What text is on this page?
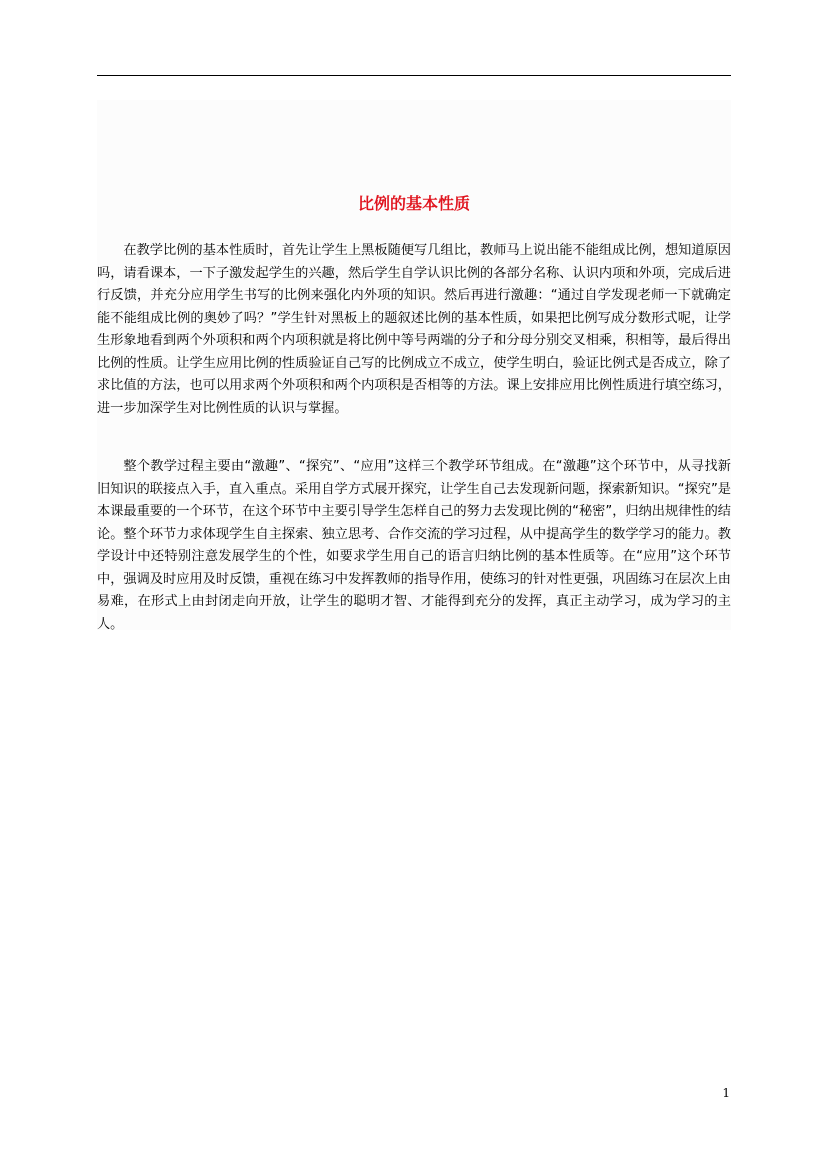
比例的基本性质

在教学比例的基本性质时，首先让学生上黑板随便写几组比，教师马上说出能不能组成比例，想知道原因吗，请看课本，一下子激发起学生的兴趣，然后学生自学认识比例的各部分名称、认识内项和外项，完成后进行反馈，并充分应用学生书写的比例来强化内外项的知识。然后再进行激趣：“通过自学发现老师一下就确定能不能组成比例的奥妙了吗？”学生针对黑板上的题叙述比例的基本性质，如果把比例写成分数形式呢，让学生形象地看到两个外项积和两个内项积就是将比例中等号两端的分子和分母分别交叉相乘，积相等，最后得出比例的性质。让学生应用比例的性质验证自己写的比例成立不成立，使学生明白，验证比例式是否成立，除了求比值的方法，也可以用求两个外项积和两个内项积是否相等的方法。课上安排应用比例性质进行填空练习，进一步加深学生对比例性质的认识与掌握。

整个教学过程主要由“激趣”、“探究”、“应用”这样三个教学环节组成。在“激趣”这个环节中，从寻找新旧知识的联接点入手，直入重点。采用自学方式展开探究，让学生自己去发现新问题，探索新知识。“探究”是本课最重要的一个环节，在这个环节中主要引导学生怎样自己的努力去发现比例的“秘密”，归纳出规律性的结论。整个环节力求体现学生自主探索、独立思考、合作交流的学习过程，从中提高学生的数学学习的能力。教学设计中还特别注意发展学生的个性，如要求学生用自己的语言归纳比例的基本性质等。在“应用”这个环节中，强调及时应用及时反馈，重视在练习中发挥教师的指导作用，使练习的针对性更强，巩固练习在层次上由易难，在形式上由封闭走向开放，让学生的聪明才智、才能得到充分的发挥，真正主动学习，成为学习的主人。

1
